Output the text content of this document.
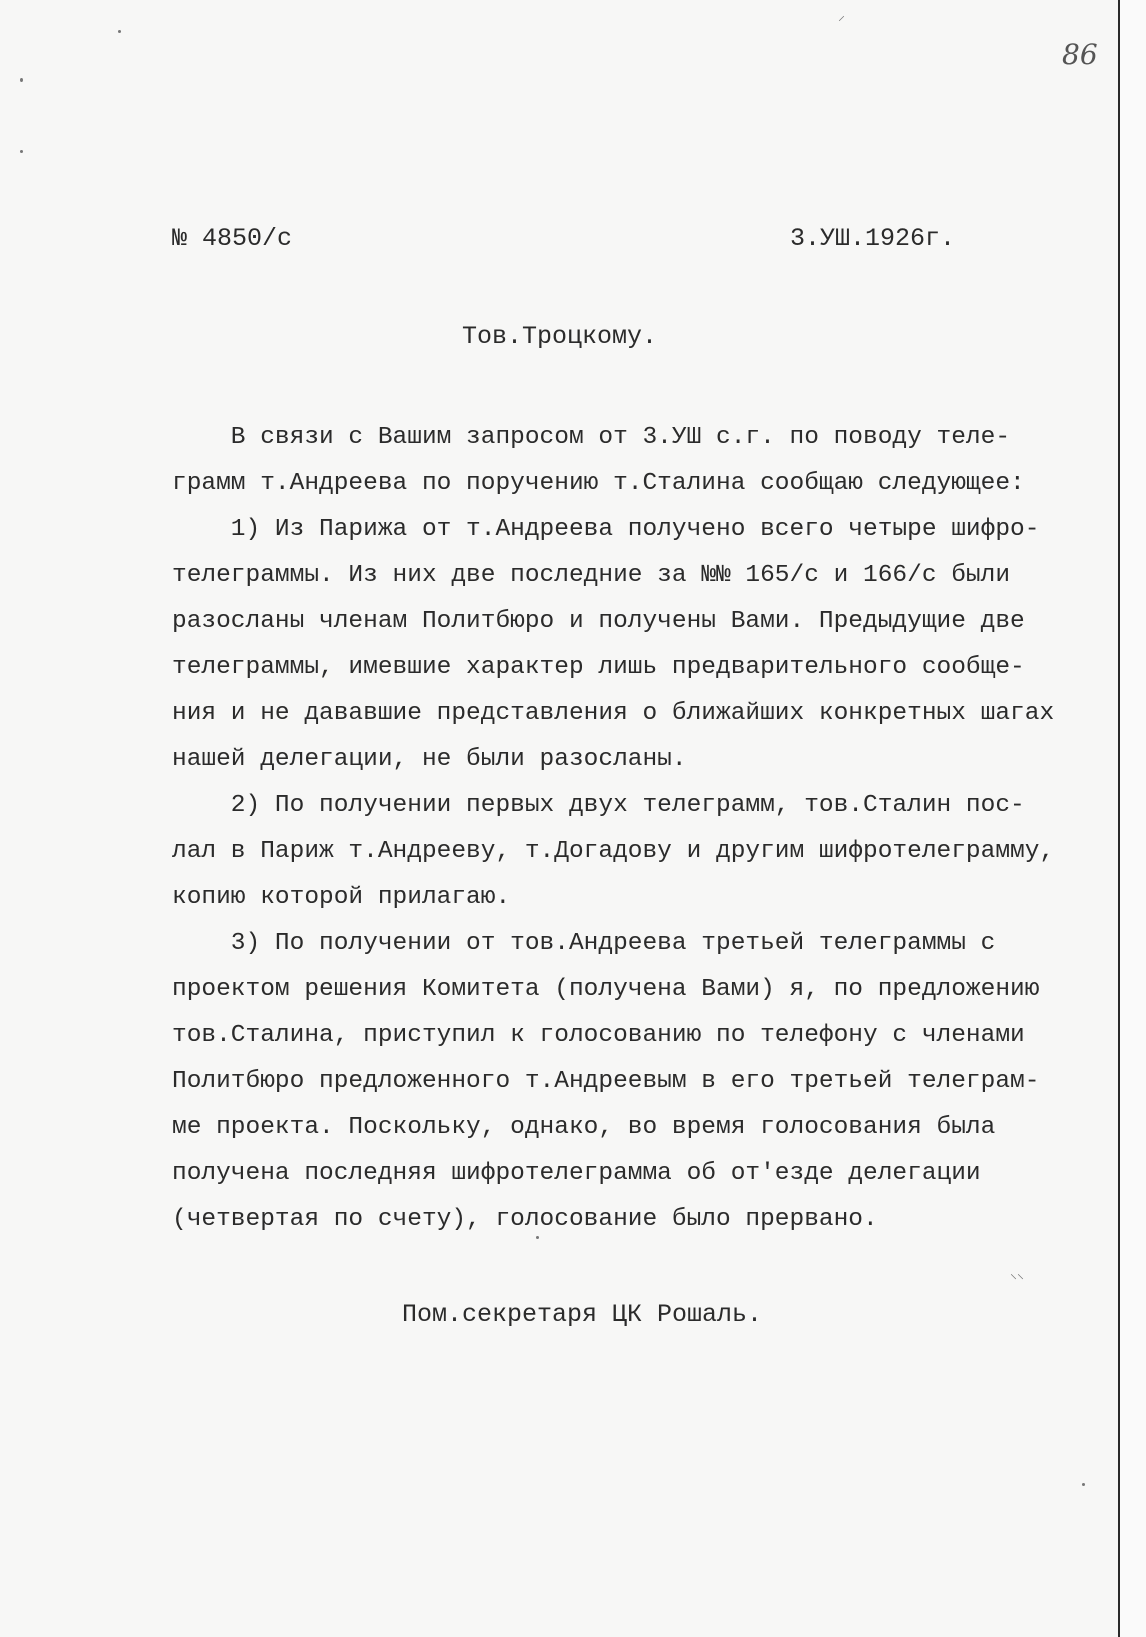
86
№ 4850/с	3.УШ.1926г.
Тов.Троцкому.
В связи с Вашим запросом от 3.УШ с.г. по поводу теле-
грамм т.Андреева по поручению т.Сталина сообщаю следующее:
1) Из Парижа от т.Андреева получено всего четыре шифро-
телеграммы. Из них две последние за №№ 165/с и 166/с были
разосланы членам Политбюро и получены Вами. Предыдущие две
телеграммы, имевшие характер лишь предварительного сообще-
ния и не дававшие представления о ближайших конкретных шагах
нашей делегации, не были разосланы.
2) По получении первых двух телеграмм, тов.Сталин пос-
лал в Париж т.Андрееву, т.Догадову и другим шифротелеграмму,
копию которой прилагаю.
3) По получении от тов.Андреева третьей телеграммы с
проектом решения Комитета (получена Вами) я, по предложению
тов.Сталина, приступил к голосованию по телефону с членами
Политбюро предложенного т.Андреевым в его третьей телеграм-
ме проекта. Поскольку, однако, во время голосования была
получена последняя шифротелеграмма об от'езде делегации
(четвертая по счету), голосование было прервано.
Пом.секретаря ЦК Рошаль.
⸌⸌
⸝
